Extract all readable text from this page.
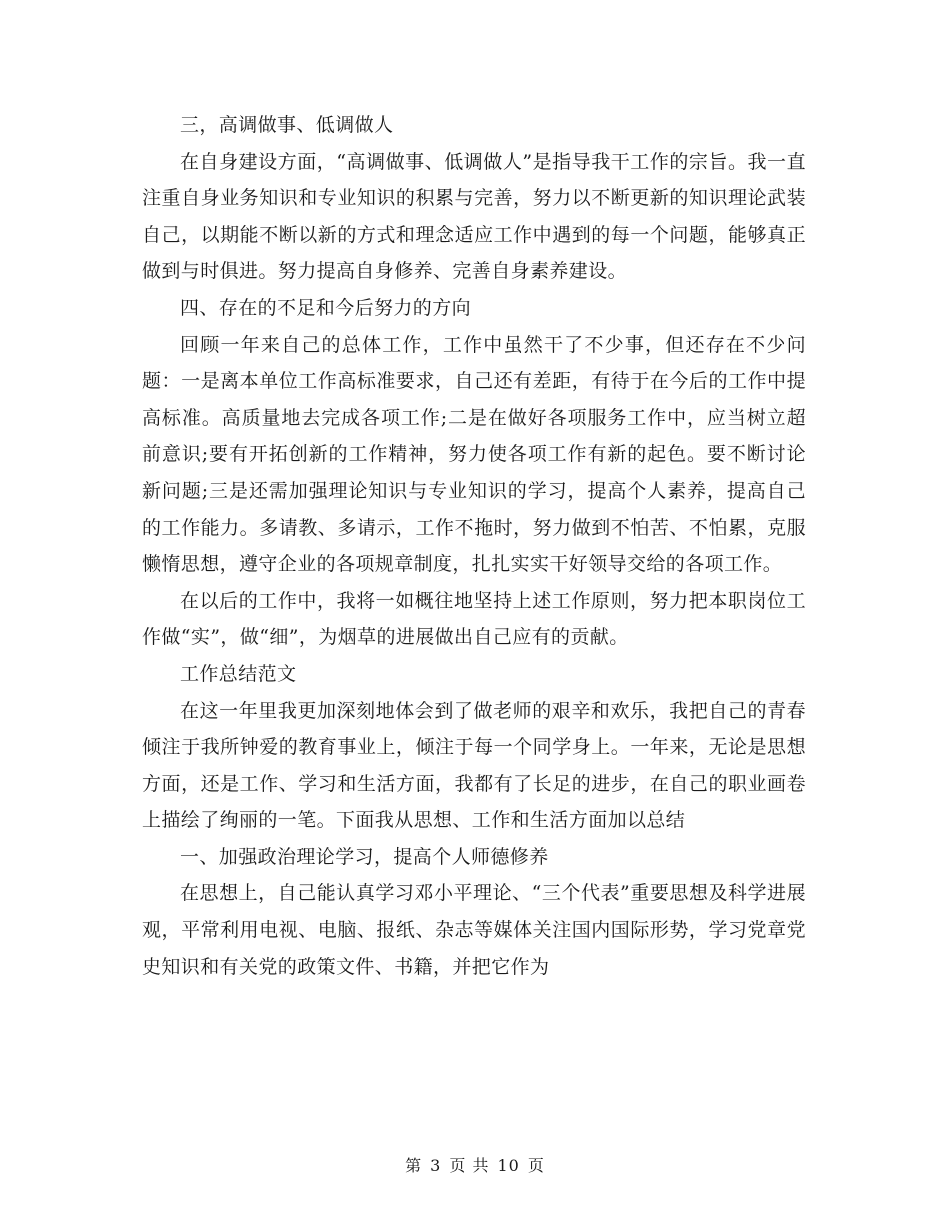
三，高调做事、低调做人

在自身建设方面，“高调做事、低调做人”是指导我干工作的宗旨。我一直注重自身业务知识和专业知识的积累与完善，努力以不断更新的知识理论武装自己，以期能不断以新的方式和理念适应工作中遇到的每一个问题，能够真正做到与时俱进。努力提高自身修养、完善自身素养建设。

四、存在的不足和今后努力的方向

回顾一年来自己的总体工作，工作中虽然干了不少事，但还存在不少问题：一是离本单位工作高标准要求，自己还有差距，有待于在今后的工作中提高标准。高质量地去完成各项工作;二是在做好各项服务工作中，应当树立超前意识;要有开拓创新的工作精神，努力使各项工作有新的起色。要不断讨论新问题;三是还需加强理论知识与专业知识的学习，提高个人素养，提高自己的工作能力。多请教、多请示，工作不拖时，努力做到不怕苦、不怕累，克服懒惰思想，遵守企业的各项规章制度，扎扎实实干好领导交给的各项工作。

在以后的工作中，我将一如概往地坚持上述工作原则，努力把本职岗位工作做“实”，做“细”，为烟草的进展做出自己应有的贡献。

工作总结范文

在这一年里我更加深刻地体会到了做老师的艰辛和欢乐，我把自己的青春倾注于我所钟爱的教育事业上，倾注于每一个同学身上。一年来，无论是思想方面，还是工作、学习和生活方面，我都有了长足的进步，在自己的职业画卷上描绘了绚丽的一笔。下面我从思想、工作和生活方面加以总结

一、加强政治理论学习，提高个人师德修养

在思想上，自己能认真学习邓小平理论、“三个代表”重要思想及科学进展观，平常利用电视、电脑、报纸、杂志等媒体关注国内国际形势，学习党章党史知识和有关党的政策文件、书籍，并把它作为

第 3 页 共 10 页
